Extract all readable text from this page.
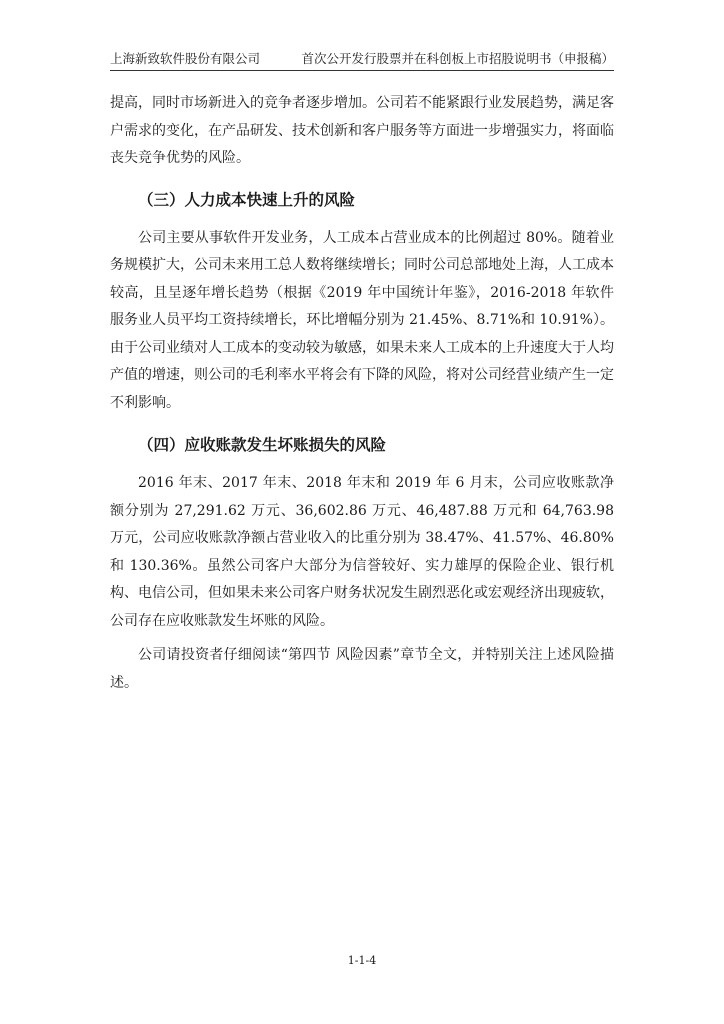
上海新致软件股份有限公司	首次公开发行股票并在科创板上市招股说明书（申报稿）

提高，同时市场新进入的竞争者逐步增加。公司若不能紧跟行业发展趋势，满足客户需求的变化，在产品研发、技术创新和客户服务等方面进一步增强实力，将面临丧失竞争优势的风险。

（三）人力成本快速上升的风险

公司主要从事软件开发业务，人工成本占营业成本的比例超过 80%。随着业务规模扩大，公司未来用工总人数将继续增长；同时公司总部地处上海，人工成本较高，且呈逐年增长趋势（根据《2019 年中国统计年鉴》，2016-2018 年软件服务业人员平均工资持续增长，环比增幅分别为 21.45%、8.71%和 10.91%）。由于公司业绩对人工成本的变动较为敏感，如果未来人工成本的上升速度大于人均产值的增速，则公司的毛利率水平将会有下降的风险，将对公司经营业绩产生一定不利影响。

（四）应收账款发生坏账损失的风险

2016 年末、2017 年末、2018 年末和 2019 年 6 月末，公司应收账款净额分别为 27,291.62 万元、36,602.86 万元、46,487.88 万元和 64,763.98 万元，公司应收账款净额占营业收入的比重分别为 38.47%、41.57%、46.80%和 130.36%。虽然公司客户大部分为信誉较好、实力雄厚的保险企业、银行机构、电信公司，但如果未来公司客户财务状况发生剧烈恶化或宏观经济出现疲软，公司存在应收账款发生坏账的风险。

公司请投资者仔细阅读“第四节 风险因素”章节全文，并特别关注上述风险描述。

1-1-4
